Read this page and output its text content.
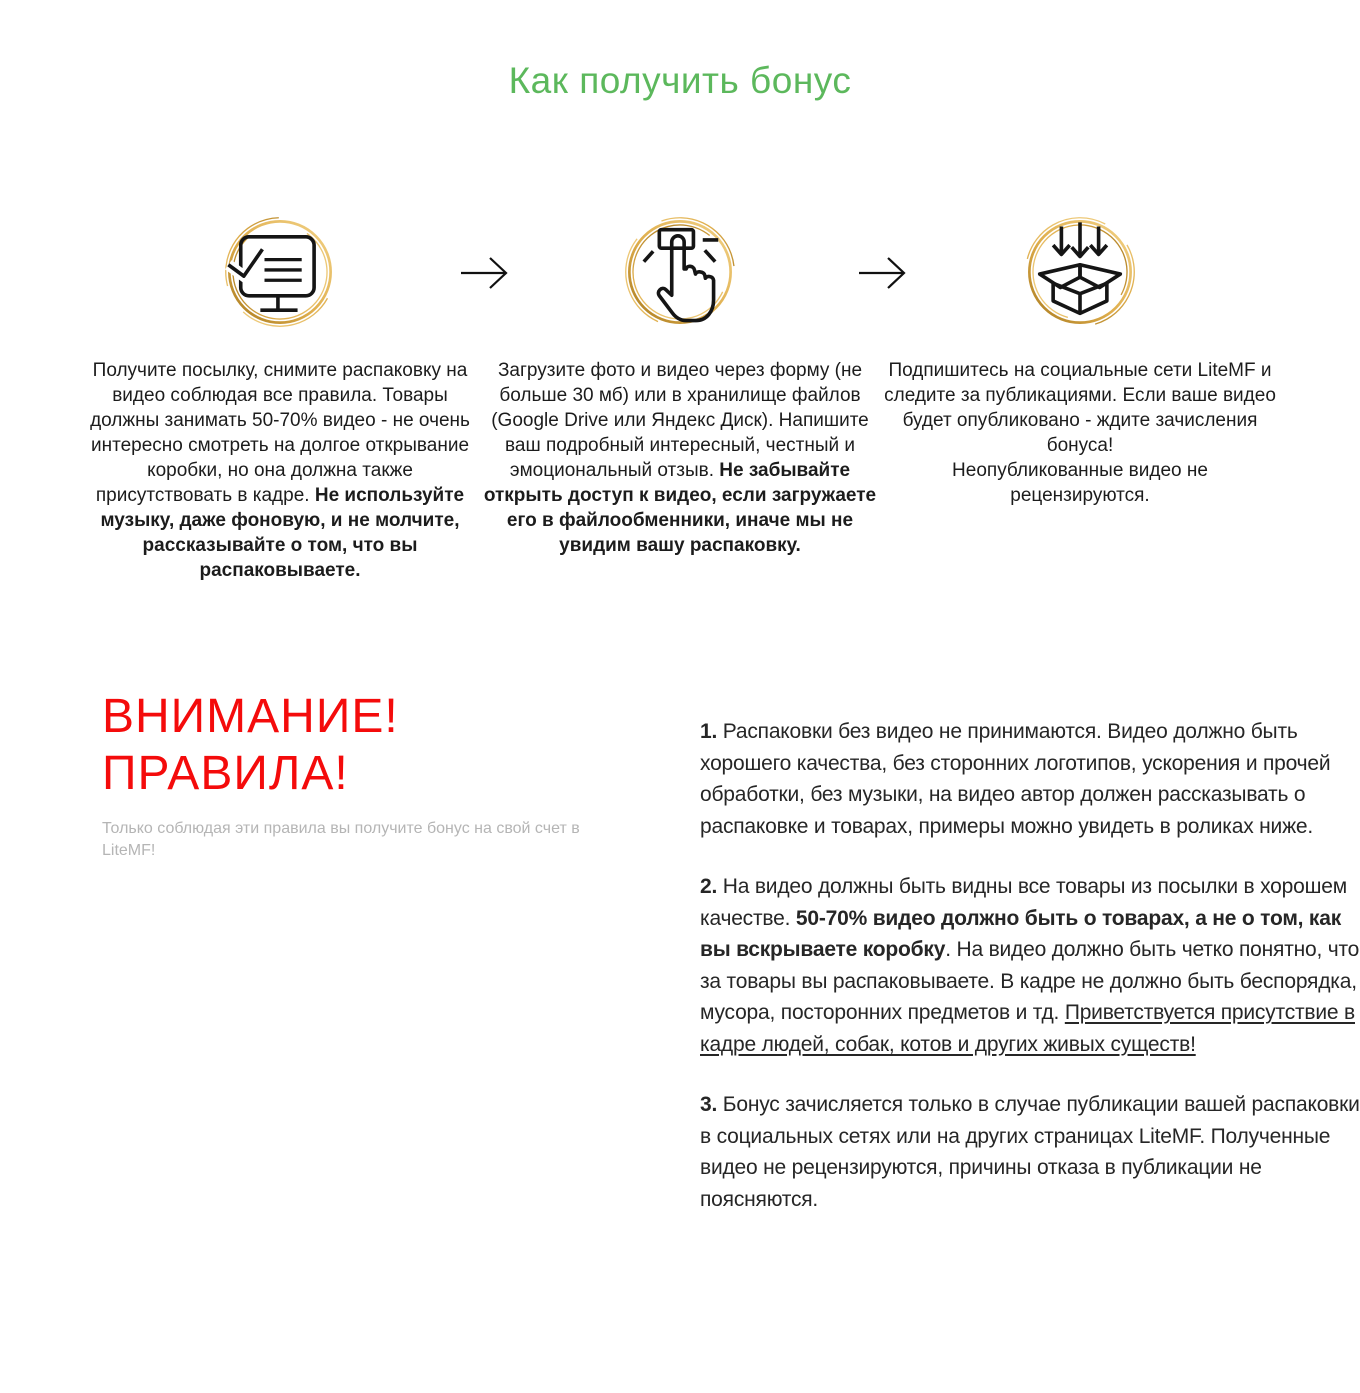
Как получить бонус

Получите посылку, снимите распаковку на видео соблюдая все правила. Товары должны занимать 50-70% видео - не очень интересно смотреть на долгое открывание коробки, но она должна также присутствовать в кадре. Не используйте музыку, даже фоновую, и не молчите, рассказывайте о том, что вы распаковываете.

Загрузите фото и видео через форму (не больше 30 мб) или в хранилище файлов (Google Drive или Яндекс Диск). Напишите ваш подробный интересный, честный и эмоциональный отзыв. Не забывайте открыть доступ к видео, если загружаете его в файлообменники, иначе мы не увидим вашу распаковку.

Подпишитесь на социальные сети LiteMF и следите за публикациями. Если ваше видео будет опубликовано - ждите зачисления бонуса!
Неопубликованные видео не рецензируются.

ВНИМАНИЕ!
ПРАВИЛА!

Только соблюдая эти правила вы получите бонус на свой счет в LiteMF!

1. Распаковки без видео не принимаются. Видео должно быть хорошего качества, без сторонних логотипов, ускорения и прочей обработки, без музыки, на видео автор должен рассказывать о распаковке и товарах, примеры можно увидеть в роликах ниже.

2. На видео должны быть видны все товары из посылки в хорошем качестве. 50-70% видео должно быть о товарах, а не о том, как вы вскрываете коробку. На видео должно быть четко понятно, что за товары вы распаковываете. В кадре не должно быть беспорядка, мусора, посторонних предметов и тд. Приветствуется присутствие в кадре людей, собак, котов и других живых существ!

3. Бонус зачисляется только в случае публикации вашей распаковки в социальных сетях или на других страницах LiteMF. Полученные видео не рецензируются, причины отказа в публикации не поясняются.
